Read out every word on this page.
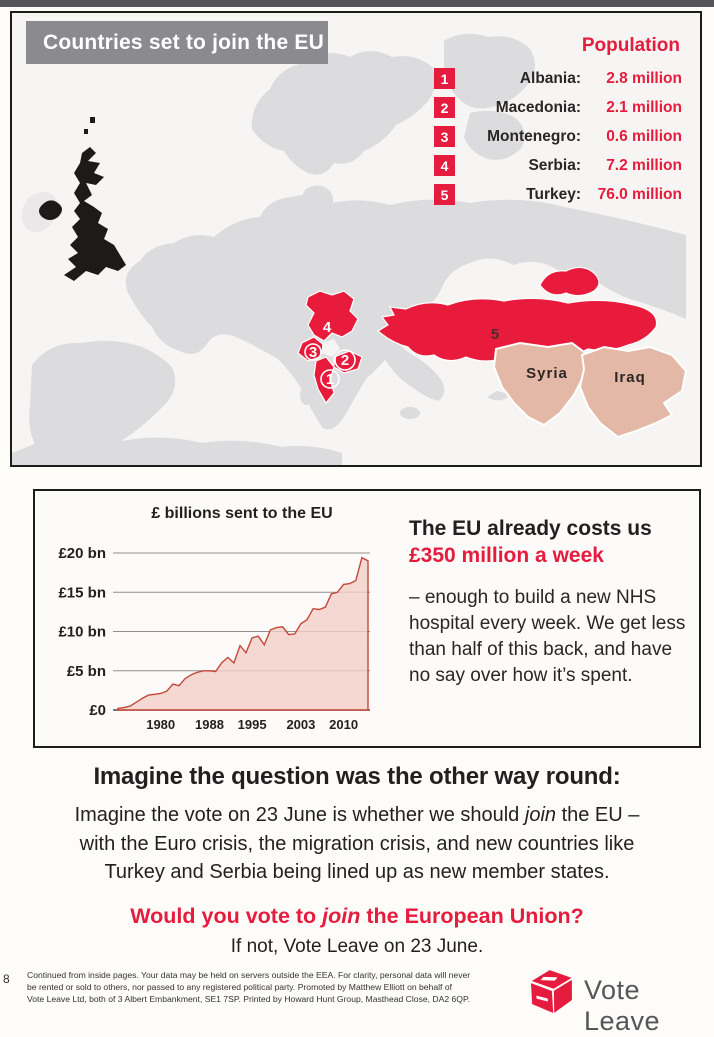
4
3 2
1
5
Syria	Iraq
Countries set to join the EU	Population
1	Albania:	2.8 million
2	Macedonia:	2.1 million
3	Montenegro:	0.6 million
4	Serbia:	7.2 million
5	Turkey:	76.0 million
£ billions sent to the EU
£20 bn
£15 bn
£10 bn
£5 bn
£0
1980 1988 1995 2003 2010
The EU already costs us
£350 million a week
– enough to build a new NHS hospital every week. We get less than half of this back, and have no say over how it’s spent.
Imagine the question was the other way round:
Imagine the vote on 23 June is whether we should join the EU –
with the Euro crisis, the migration crisis, and new countries like
Turkey and Serbia being lined up as new member states.
Would you vote to join the European Union?
If not, Vote Leave on 23 June.
8 Continued from inside pages. Your data may be held on servers outside the EEA. For clarity, personal data will never
be rented or sold to others, nor passed to any registered political party. Promoted by Matthew Elliott on behalf of
Vote Leave Ltd, both of 3 Albert Embankment, SE1 7SP. Printed by Howard Hunt Group, Masthead Close, DA2 6QP.	Vote Leave
